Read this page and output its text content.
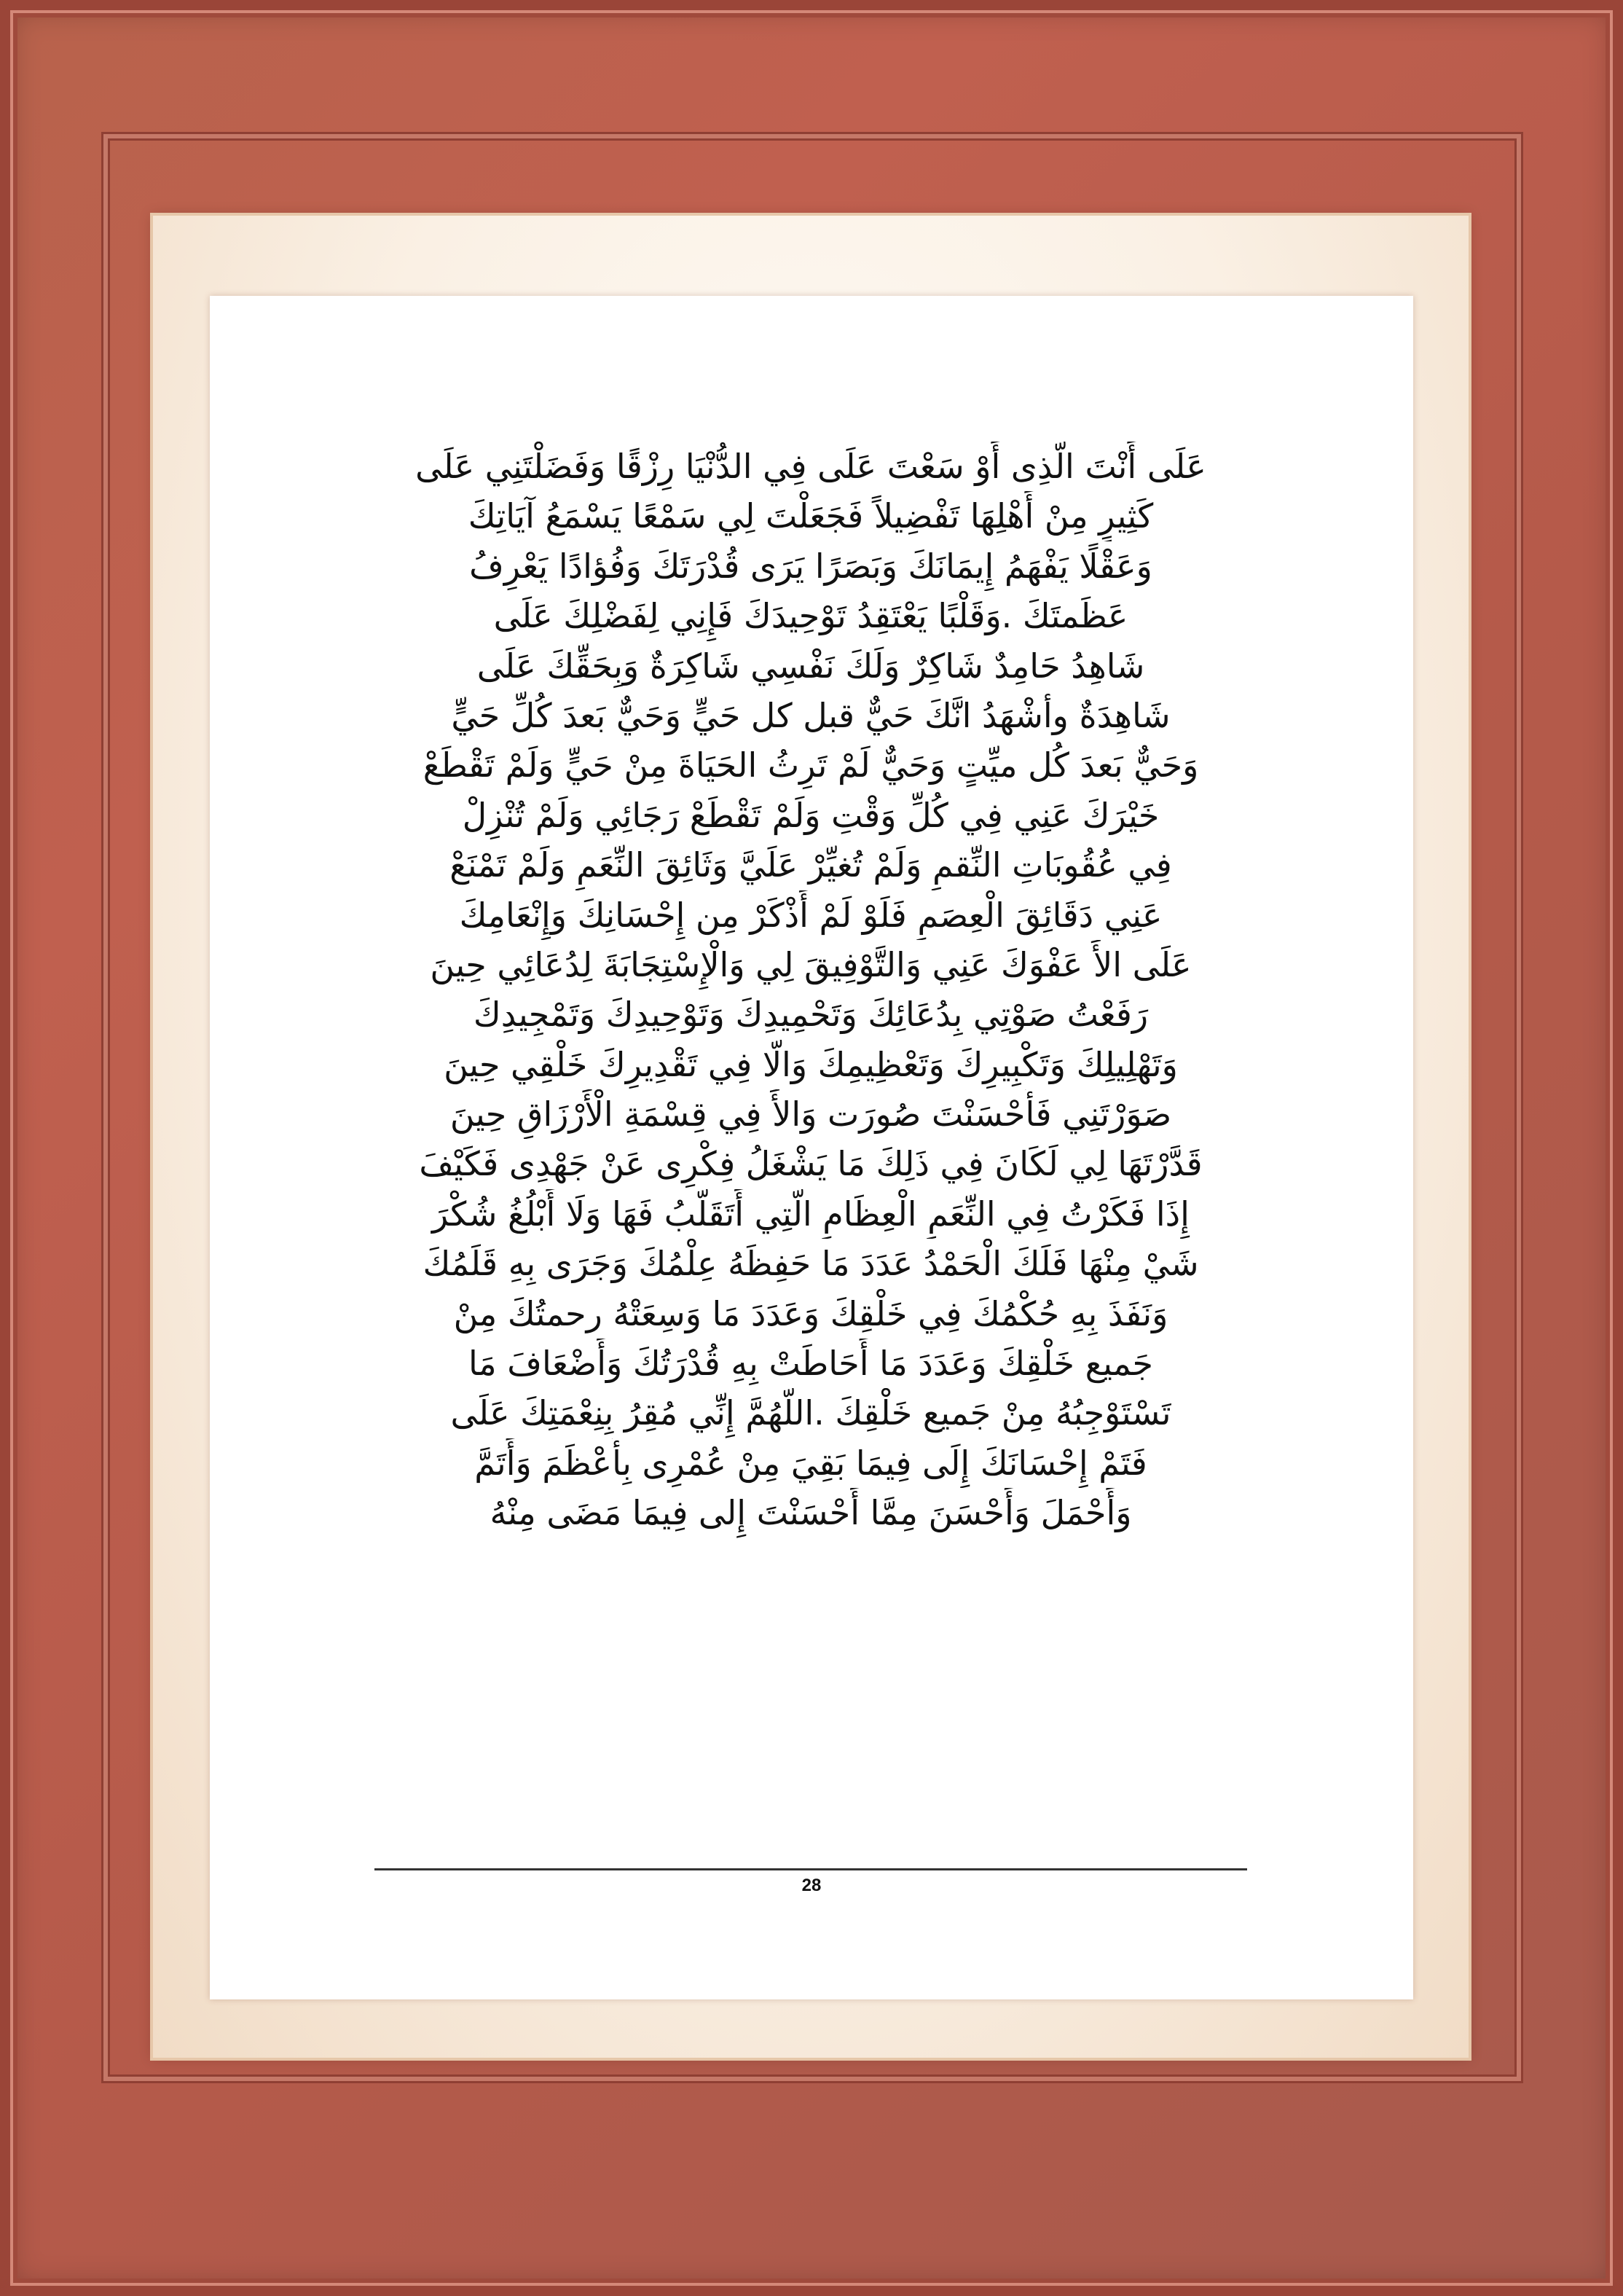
عَلَى أَنْتَ الَّذِى أَوْ سَعْتَ عَلَى فِي الدُّنْيَا رِزْقًا وَفَضَلْتَنِي عَلَى
كَثِيرٍ مِنْ أَهْلِهَا تَفْضِيلاً فَجَعَلْتَ لِي سَمْعًا يَسْمَعُ آيَاتِكَ
وَعَقْلًا يَفْهَمُ إِيمَانَكَ وَبَصَرًا يَرَى قُدْرَتَكَ وَفُؤادًا يَعْرِفُ
عَظَمتَكَ .وَقَلْبًا يَعْتَقِدُ تَوْحِيدَكَ فَإِنِي لِفَضْلِكَ عَلَى
شَاهِدُ حَامِدٌ شَاكِرٌ وَلَكَ نَفْسِي شَاكِرَةٌ وَبِحَقِّكَ عَلَى
شَاهِدَةٌ وأشْهَدُ انَّكَ حَيٌّ قبل كل حَيٍّ وَحَيٌّ بَعدَ كُلِّ حَيٍّ
وَحَيٌّ بَعدَ كُل ميِّتٍ وَحَيٌّ لَمْ تَرِثُ الحَيَاةَ مِنْ حَيٍّ وَلَمْ تَقْطَعْ
خَيْرَكَ عَنِي فِي كُلِّ وَقْتِ وَلَمْ تَقْطَعْ رَجَائِي وَلَمْ تُنْزِلْ
فِي عُقُوبَاتِ النِّقمِ وَلَمْ تُغيِّرْ عَلَيَّ وَثَائِقَ النِّعَمِ وَلَمْ تَمْنَعْ
عَنِي دَقَائِقَ الْعِصَمِ فَلَوْ لَمْ أَذْكَرْ مِن إِحْسَانِكَ وَإِنْعَامِكَ
عَلَى الأَ عَفْوَكَ عَنِي وَالتَّوْفِيقَ لِي وَالْإِسْتِجَابَةَ لِدُعَائِي حِينَ
رَفَعْتُ صَوْتِي بِدُعَائِكَ وَتَحْمِيدِكَ وَتَوْحِيدِكَ وَتَمْجِيدِكَ
وَتَهْلِيلِكَ وَتَكْبِيرِكَ وَتَعْظِيمِكَ وَالَّا فِي تَقْدِيرِكَ خَلْقِي حِينَ
صَوَرْتَنِي فَأَحْسَنْتَ صُورَت وَالأَ فِي قِسْمَةِ الْأَرْزَاقِ حِينَ
قَدَّرْتَهَا لِي لَكَانَ فِي ذَلِكَ مَا يَشْغَلُ فِكْرِى عَنْ جَهْدِى فَكَيْفَ
إِذَا فَكَرْتُ فِي النِّعَمِ الْعِظَامِ الَّتِي أَتَقَلَّبُ فَهَا وَلَا أَبْلُغُ شُكْرَ
شَيْ مِنْهَا فَلَكَ الْحَمْدُ عَدَدَ مَا حَفِظَهُ عِلْمُكَ وَجَرَى بِهِ قَلَمُكَ
وَنَفَذَ بِهِ حُكْمُكَ فِي خَلْقِكَ وَعَدَدَ مَا وَسِعَتْهُ رحمتُكَ مِنْ
جَميع خَلْقِكَ وَعَدَدَ مَا أَحَاطَتْ بِهِ قُدْرَتُكَ وَأَضْعَافَ مَا
تَسْتَوْجِبُهُ مِنْ جَميع خَلْقِكَ .اللَّهُمَّ إِنِّي مُقِرُ بِنِعْمَتِكَ عَلَى
فَتَمْ إِحْسَانَكَ إِلَى فِيمَا بَقِيَ مِنْ عُمْرِى بِأَعْظَمَ وَأَتَمَّ
وَأَحْمَلَ وَأَحْسَنَ مِمَّا أَحْسَنْتَ إِلى فِيمَا مَضَى مِنْهُ
28
